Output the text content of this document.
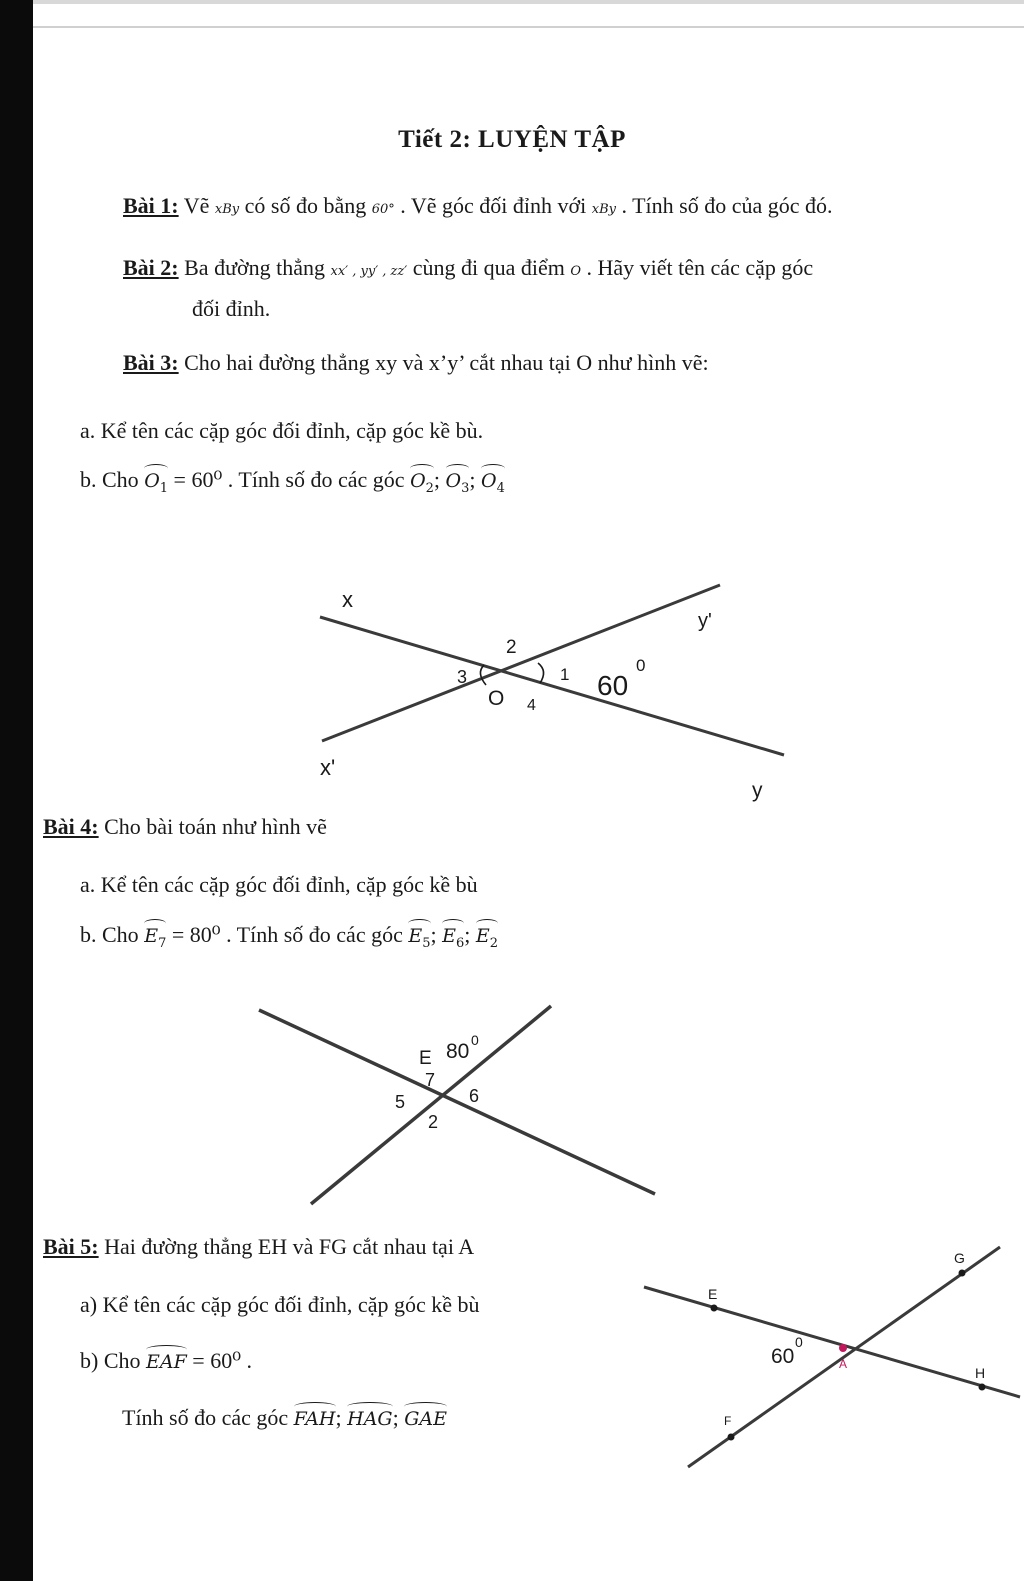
Tiết 2: LUYỆN TẬP
Bài 1: Vẽ xBy có số đo bằng 60° . Vẽ góc đối đỉnh với xBy . Tính số đo của góc đó.
Bài 2: Ba đường thẳng xx′ , yy′ , zz′ cùng đi qua điểm O . Hãy viết tên các cặp góc
đối đỉnh.
Bài 3: Cho hai đường thẳng xy và x’y’ cắt nhau tại O như hình vẽ:
a. Kể tên các cặp góc đối đỉnh, cặp góc kề bù.
b. Cho $O_1 = 60^0$ . Tính số đo các góc $O_2$; $O_3$; $O_4$
x
y'
2
3	1 60
0
O 4
x'
y
Bài 4: Cho bài toán như hình vẽ
a. Kể tên các cặp góc đối đỉnh, cặp góc kề bù
b. Cho $E_7 = 80^0$ . Tính số đo các góc $E_5$; $E_6$; $E_2$
E 80 0
7
5	6
2
Bài 5: Hai đường thẳng EH và FG cắt nhau tại A
a) Kể tên các cặp góc đối đỉnh, cặp góc kề bù
b) Cho EAF = 60⁰ .
Tính số đo các góc FAH; HAG; GAE
G
E
60
0
A
H
F
